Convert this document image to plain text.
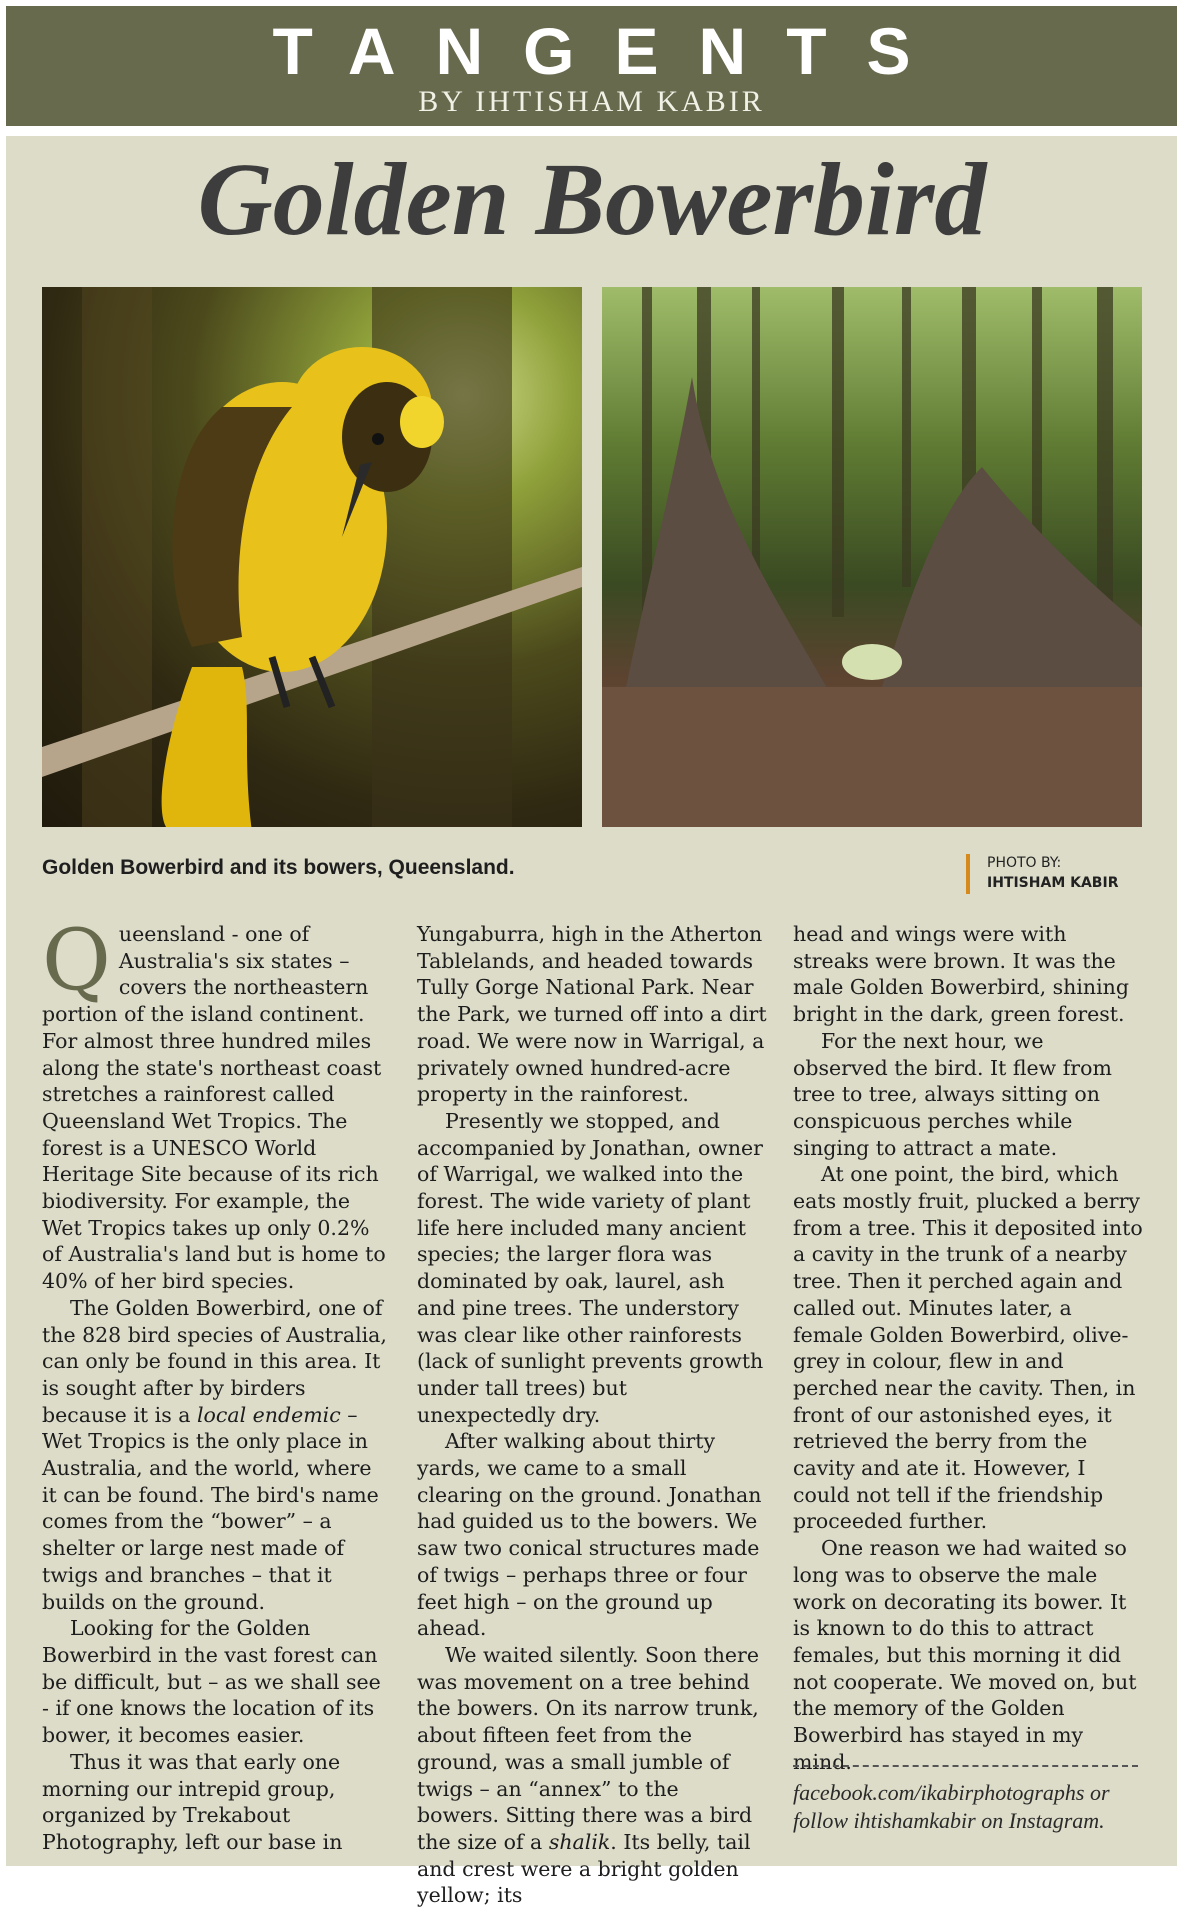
TANGENTS
BY IHTISHAM KABIR
Golden Bowerbird
Golden Bowerbird and its bowers, Queensland.	PHOTO BY:
IHTISHAM KABIR

Queensland - one of Australia's six states – covers the northeastern portion of the island continent. For almost three hundred miles along the state's northeast coast stretches a rainforest called Queensland Wet Tropics. The forest is a UNESCO World Heritage Site because of its rich biodiversity. For example, the Wet Tropics takes up only 0.2% of Australia's land but is home to 40% of her bird species.

The Golden Bowerbird, one of the 828 bird species of Australia, can only be found in this area. It is sought after by birders because it is a local endemic – Wet Tropics is the only place in Australia, and the world, where it can be found. The bird's name comes from the “bower” – a shelter or large nest made of twigs and branches – that it builds on the ground.

Looking for the Golden Bowerbird in the vast forest can be difficult, but – as we shall see - if one knows the location of its bower, it becomes easier.

Thus it was that early one morning our intrepid group, organized by Trekabout Photography, left our base in

Yungaburra, high in the Atherton Tablelands, and headed towards Tully Gorge National Park. Near the Park, we turned off into a dirt road. We were now in Warrigal, a privately owned hundred-acre property in the rainforest.

Presently we stopped, and accompanied by Jonathan, owner of Warrigal, we walked into the forest. The wide variety of plant life here included many ancient species; the larger flora was dominated by oak, laurel, ash and pine trees. The understory was clear like other rainforests (lack of sunlight prevents growth under tall trees) but unexpectedly dry.

After walking about thirty yards, we came to a small clearing on the ground. Jonathan had guided us to the bowers. We saw two conical structures made of twigs – perhaps three or four feet high – on the ground up ahead.

We waited silently. Soon there was movement on a tree behind the bowers. On its narrow trunk, about fifteen feet from the ground, was a small jumble of twigs – an “annex” to the bowers. Sitting there was a bird the size of a shalik. Its belly, tail and crest were a bright golden yellow; its

head and wings were with streaks were brown. It was the male Golden Bowerbird, shining bright in the dark, green forest.

For the next hour, we observed the bird. It flew from tree to tree, always sitting on conspicuous perches while singing to attract a mate.

At one point, the bird, which eats mostly fruit, plucked a berry from a tree. This it deposited into a cavity in the trunk of a nearby tree. Then it perched again and called out. Minutes later, a female Golden Bowerbird, olive-grey in colour, flew in and perched near the cavity. Then, in front of our astonished eyes, it retrieved the berry from the cavity and ate it. However, I could not tell if the friendship proceeded further.

One reason we had waited so long was to observe the male work on decorating its bower. It is known to do this to attract females, but this morning it did not cooperate. We moved on, but the memory of the Golden Bowerbird has stayed in my mind.

facebook.com/ikabirphotographs or
follow ihtishamkabir on Instagram.
